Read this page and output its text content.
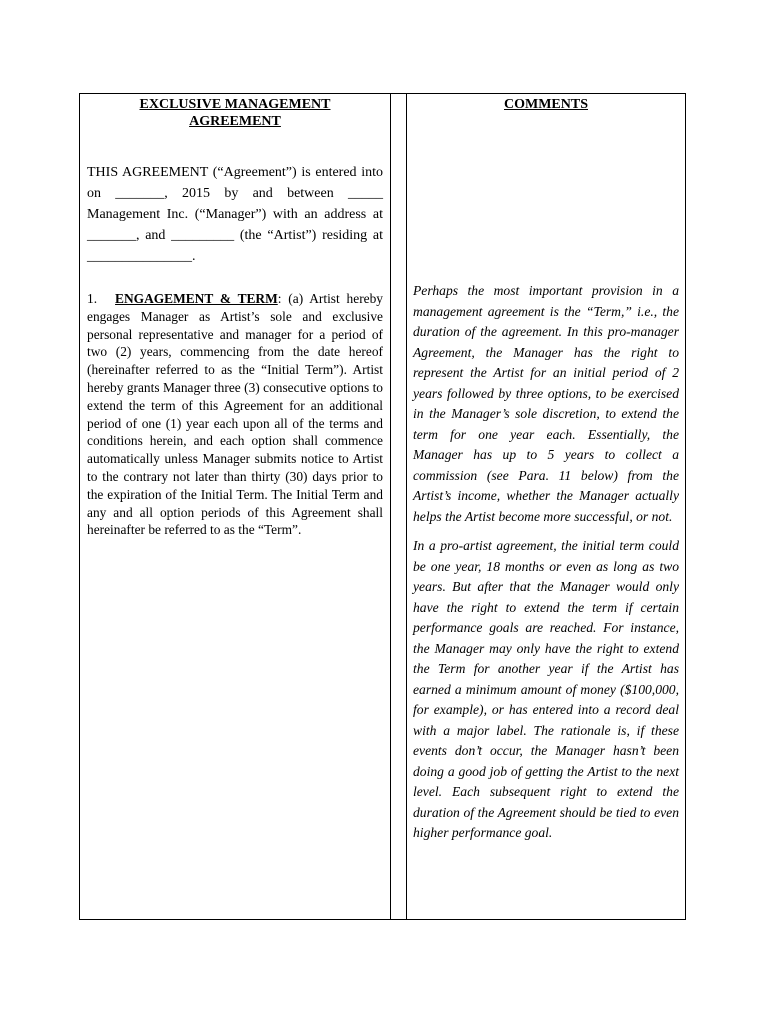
EXCLUSIVE MANAGEMENT
AGREEMENT
THIS AGREEMENT (“Agreement”) is entered into on _______, 2015 by and between _____ Management Inc. (“Manager”) with an address at _______, and _________ (the “Artist”) residing at _______________.
1. ENGAGEMENT & TERM: (a) Artist hereby engages Manager as Artist’s sole and exclusive personal representative and manager for a period of two (2) years, commencing from the date hereof (hereinafter referred to as the “Initial Term”). Artist hereby grants Manager three (3) consecutive options to extend the term of this Agreement for an additional period of one (1) year each upon all of the terms and conditions herein, and each option shall commence automatically unless Manager submits notice to Artist to the contrary not later than thirty (30) days prior to the expiration of the Initial Term. The Initial Term and any and all option periods of this Agreement shall hereinafter be referred to as the “Term”.
COMMENTS
Perhaps the most important provision in a management agreement is the “Term,” i.e., the duration of the agreement. In this pro-manager Agreement, the Manager has the right to represent the Artist for an initial period of 2 years followed by three options, to be exercised in the Manager’s sole discretion, to extend the term for one year each. Essentially, the Manager has up to 5 years to collect a commission (see Para. 11 below) from the Artist’s income, whether the Manager actually helps the Artist become more successful, or not.
In a pro-artist agreement, the initial term could be one year, 18 months or even as long as two years. But after that the Manager would only have the right to extend the term if certain performance goals are reached. For instance, the Manager may only have the right to extend the Term for another year if the Artist has earned a minimum amount of money ($100,000, for example), or has entered into a record deal with a major label. The rationale is, if these events don’t occur, the Manager hasn’t been doing a good job of getting the Artist to the next level. Each subsequent right to extend the duration of the Agreement should be tied to even higher performance goal.
